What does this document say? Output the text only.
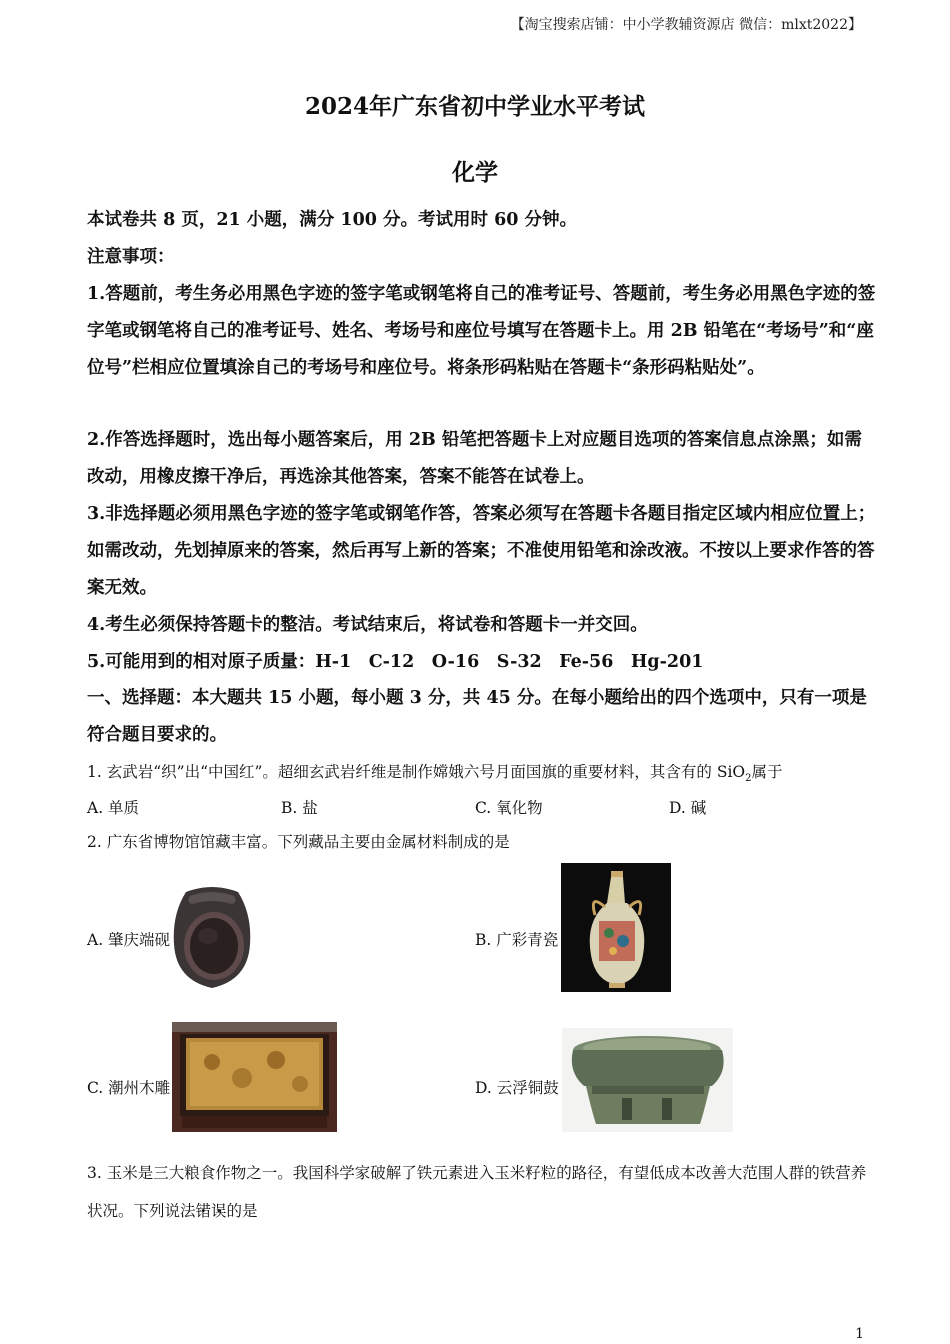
【淘宝搜索店铺：中小学教辅资源店 微信：mlxt2022】
2024年广东省初中学业水平考试
化学
本试卷共 8 页，21 小题，满分 100 分。考试用时 60 分钟。
注意事项：
1.答题前，考生务必用黑色字迹的签字笔或钢笔将自己的准考证号、答题前，考生务必用黑色字迹的签字笔或钢笔将自己的准考证号、姓名、考场号和座位号填写在答题卡上。用 2B 铅笔在“考场号”和“座位号”栏相应位置填涂自己的考场号和座位号。将条形码粘贴在答题卡“条形码粘贴处”。
2.作答选择题时，选出每小题答案后，用 2B 铅笔把答题卡上对应题目选项的答案信息点涂黑；如需改动，用橡皮擦干净后，再选涂其他答案，答案不能答在试卷上。
3.非选择题必须用黑色字迹的签字笔或钢笔作答，答案必须写在答题卡各题目指定区域内相应位置上；如需改动，先划掉原来的答案，然后再写上新的答案；不准使用铅笔和涂改液。不按以上要求作答的答案无效。
4.考生必须保持答题卡的整洁。考试结束后，将试卷和答题卡一并交回。
5.可能用到的相对原子质量：H-1　C-12　O-16　S-32　Fe-56　Hg-201
一、选择题：本大题共 15 小题，每小题 3 分，共 45 分。在每小题给出的四个选项中，只有一项是符合题目要求的。
1. 玄武岩“织”出“中国红”。超细玄武岩纤维是制作嫦娥六号月面国旗的重要材料，其含有的 SiO$_2$属于
A. 单质	B. 盐	C. 氧化物	D. 碱
2. 广东省博物馆馆藏丰富。下列藏品主要由金属材料制成的是
A. 肇庆端砚	B. 广彩青瓷
C. 潮州木雕	D. 云浮铜鼓
3. 玉米是三大粮食作物之一。我国科学家破解了铁元素进入玉米籽粒的路径，有望低成本改善大范围人群的铁营养状况。下列说法错 .误 .的是
1
